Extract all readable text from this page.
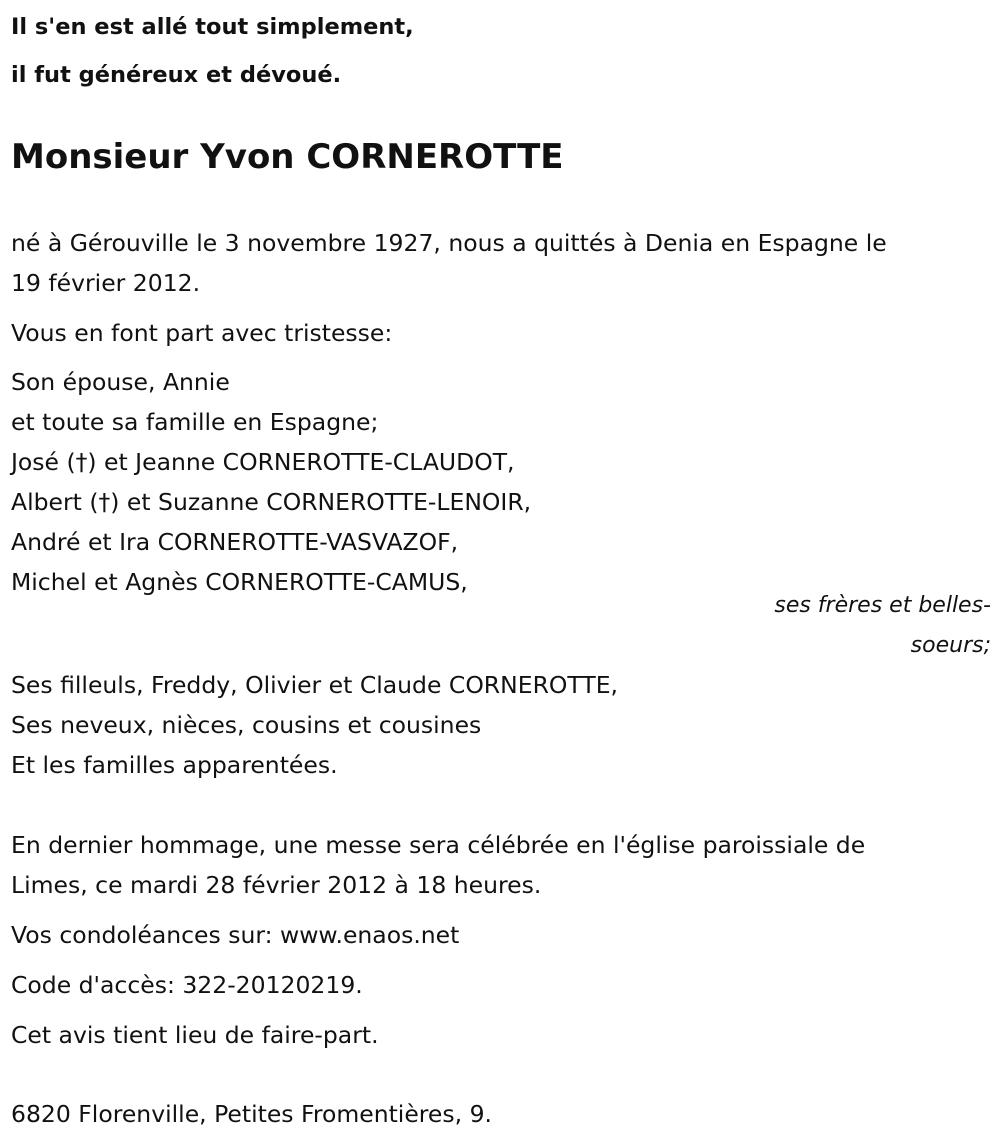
Il s'en est allé tout simplement,

il fut généreux et dévoué.

Monsieur Yvon CORNEROTTE

né à Gérouville le 3 novembre 1927, nous a quittés à Denia en Espagne le

19 février 2012.

Vous en font part avec tristesse:

Son épouse, Annie

et toute sa famille en Espagne;

José (†) et Jeanne CORNEROTTE-CLAUDOT,

Albert (†) et Suzanne CORNEROTTE-LENOIR,

André et Ira CORNEROTTE-VASVAZOF,

Michel et Agnès CORNEROTTE-CAMUS,

ses frères et belles-

soeurs;

Ses filleuls, Freddy, Olivier et Claude CORNEROTTE,

Ses neveux, nièces, cousins et cousines

Et les familles apparentées.

En dernier hommage, une messe sera célébrée en l'église paroissiale de

Limes, ce mardi 28 février 2012 à 18 heures.

Vos condoléances sur: www.enaos.net

Code d'accès: 322-20120219.

Cet avis tient lieu de faire-part.

6820 Florenville, Petites Fromentières, 9.
